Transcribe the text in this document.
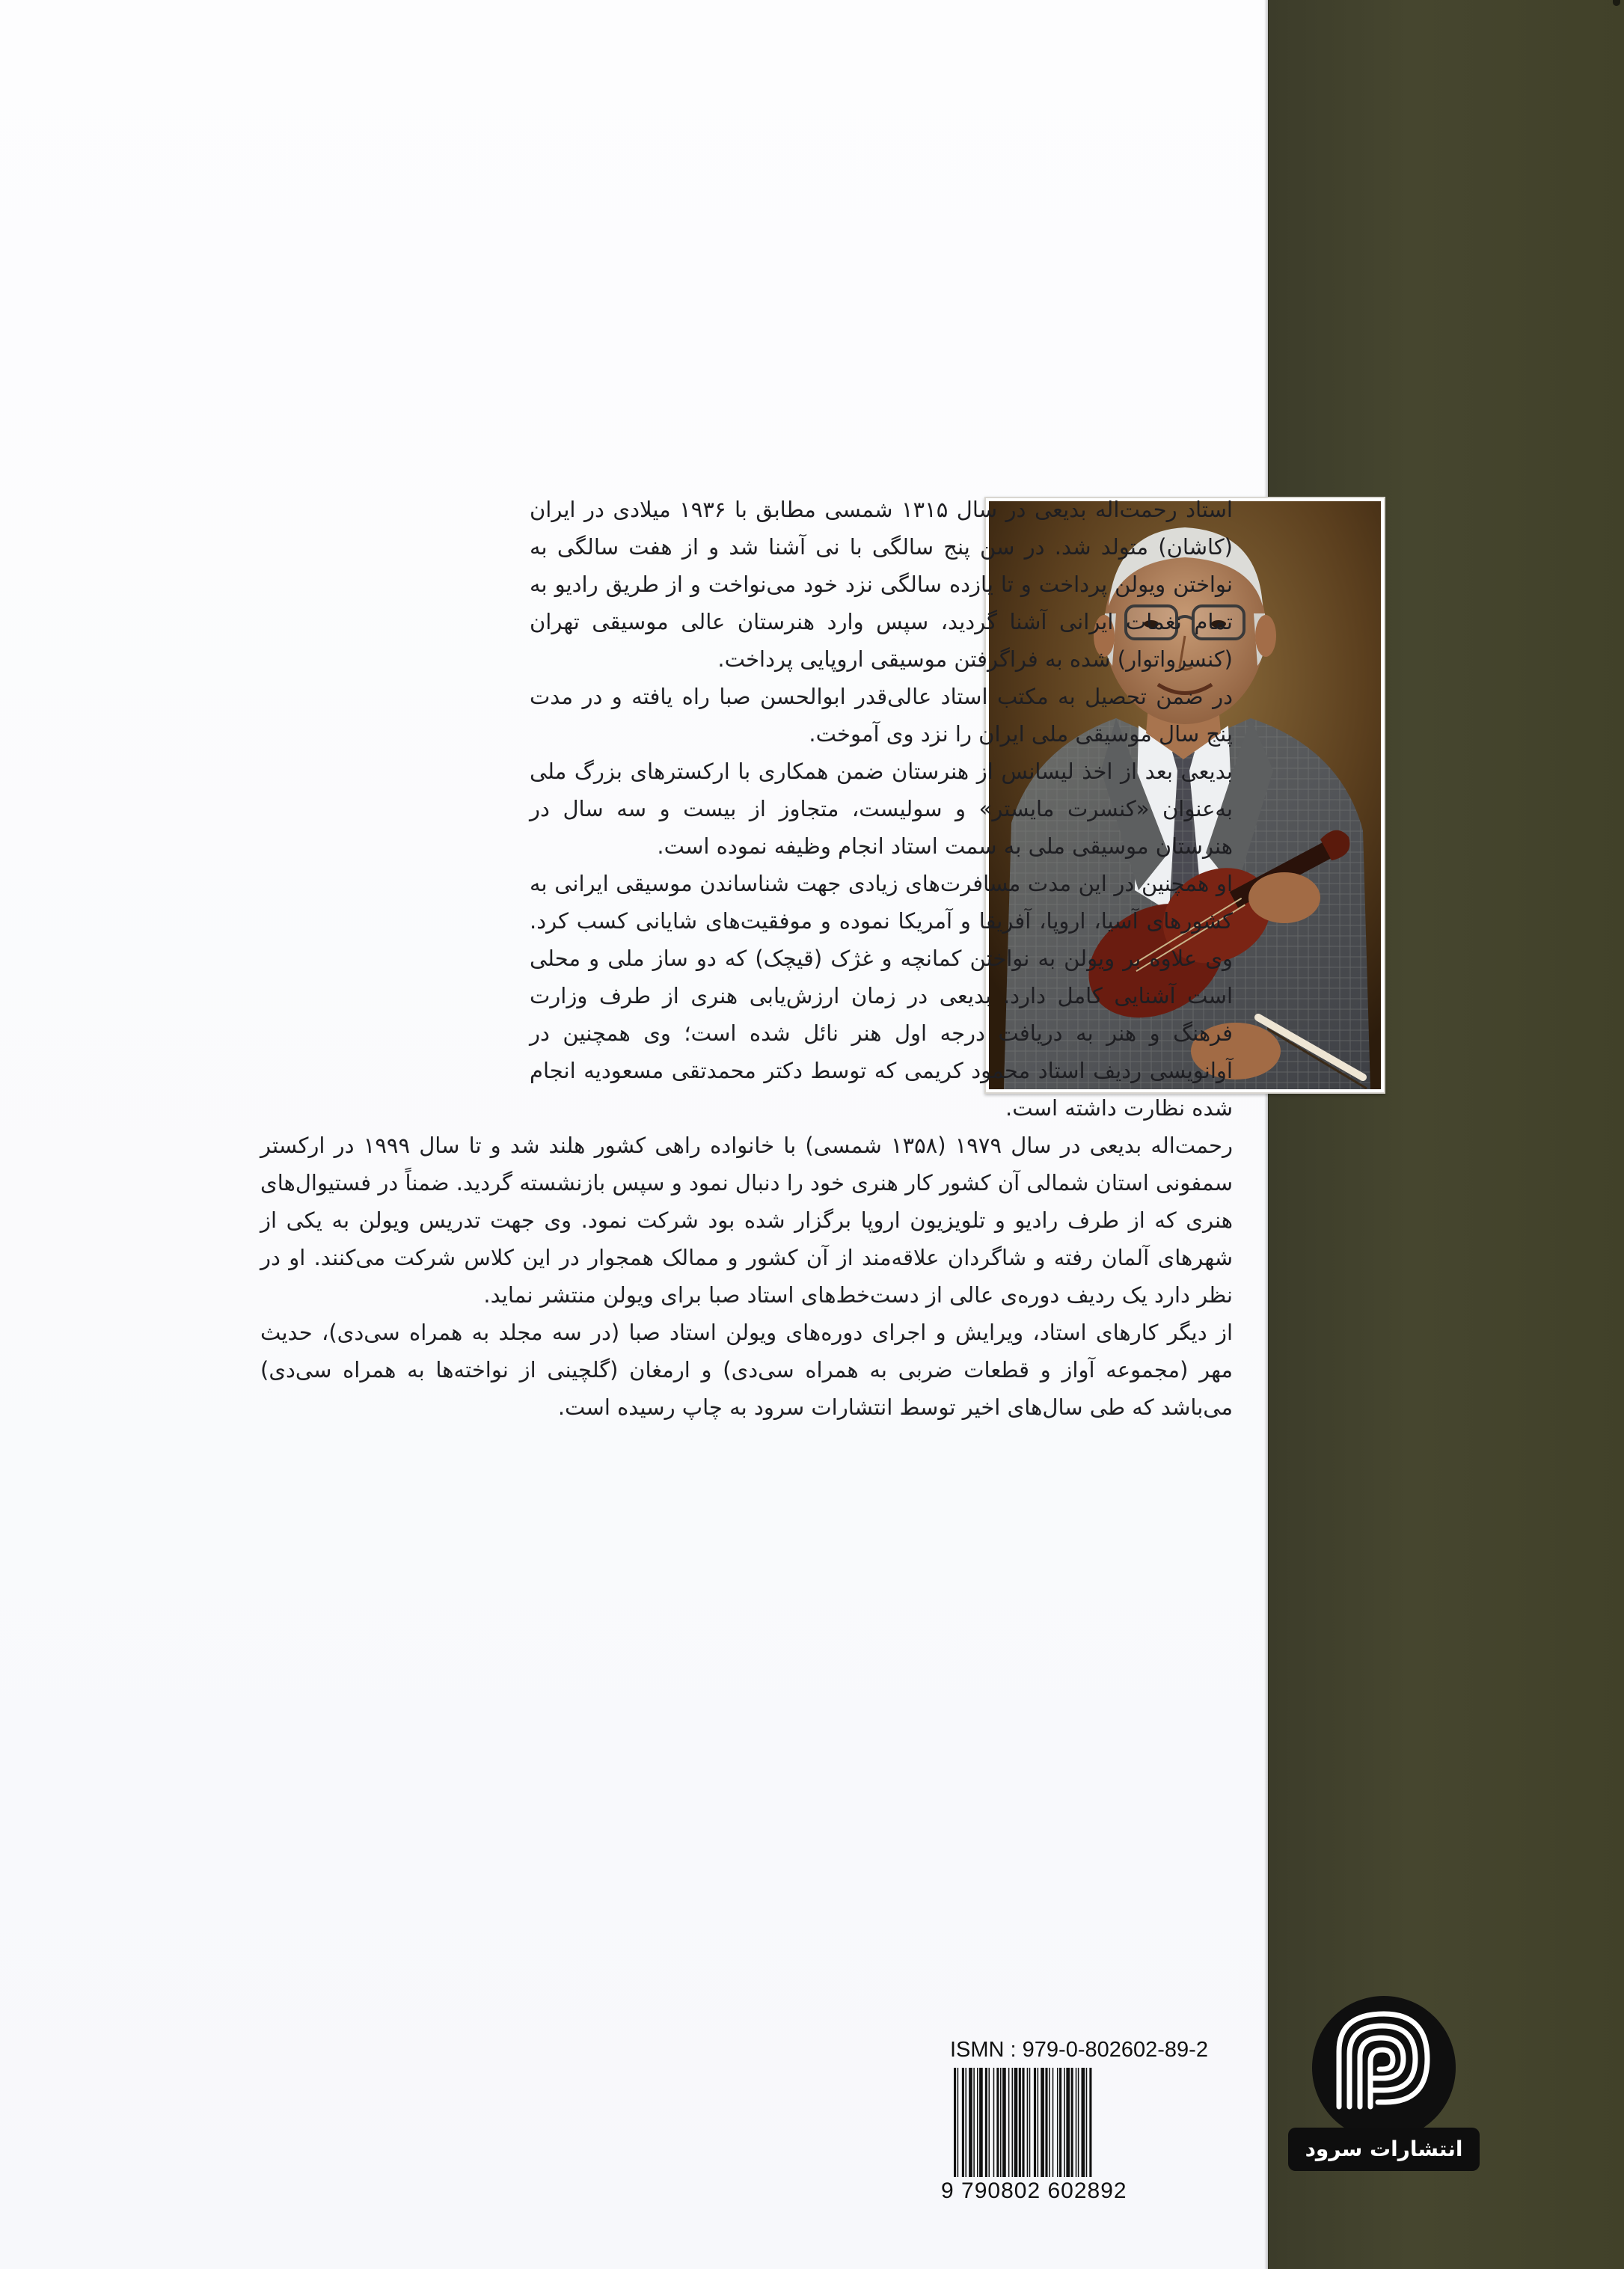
استاد رحمت‌اله بدیعی در سال ۱۳۱۵ شمسی مطابق با ۱۹۳۶ میلادی در ایران (کاشان) متولد شد. در سن پنج سالگی با نی آشنا شد و از هفت سالگی به نواختن ویولن پرداخت و تا یازده سالگی نزد خود می‌نواخت و از طریق رادیو به تمام نغمات ایرانی آشنا گردید، سپس وارد هنرستان عالی موسیقی تهران (کنسرواتوار) شده به فراگرفتن موسیقی اروپایی پرداخت.

در ضمن تحصیل به مکتب استاد عالی‌قدر ابوالحسن صبا راه یافته و در مدت پنج سال موسیقی ملی ایران را نزد وی آموخت.

بدیعی بعد از اخذ لیسانس از هنرستان ضمن همکاری با ارکسترهای بزرگ ملی به‌عنوان «کنسرت مایستر» و سولیست، متجاوز از بیست و سه سال در هنرستان موسیقی ملی به سمت استاد انجام وظیفه نموده است.

او همچنین در این مدت مسافرت‌های زیادی جهت شناساندن موسیقی ایرانی به کشورهای آسیا، اروپا، آفریقا و آمریکا نموده و موفقیت‌های شایانی کسب کرد. وی علاوه بر ویولن به نواختن کمانچه و غژک (قیچک) که دو ساز ملی و محلی است آشنایی کامل دارد. بدیعی در زمان ارزش‌یابی هنری از طرف وزارت فرهنگ و هنر به دریافت درجه اول هنر نائل شده است؛ وی همچنین در آوانویسی ردیف استاد محمود کریمی که توسط دکتر محمدتقی مسعودیه انجام شده نظارت داشته است.

رحمت‌اله بدیعی در سال ۱۹۷۹ (۱۳۵۸ شمسی) با خانواده راهی کشور هلند شد و تا سال ۱۹۹۹ در ارکستر سمفونی استان شمالی آن کشور کار هنری خود را دنبال نمود و سپس بازنشسته گردید. ضمناً در فستیوال‌های هنری که از طرف رادیو و تلویزیون اروپا برگزار شده بود شرکت نمود. وی جهت تدریس ویولن به یکی از شهرهای آلمان رفته و شاگردان علاقه‌مند از آن کشور و ممالک همجوار در این کلاس شرکت می‌کنند. او در نظر دارد یک ردیف دوره‌ی عالی از دست‌خط‌های استاد صبا برای ویولن منتشر نماید.

از دیگر کارهای استاد، ویرایش و اجرای دوره‌های ویولن استاد صبا (در سه مجلد به همراه سی‌دی)، حدیث مهر (مجموعه آواز و قطعات ضربی به همراه سی‌دی) و ارمغان (گلچینی از نواخته‌ها به همراه سی‌دی) می‌باشد که طی سال‌های اخیر توسط انتشارات سرود به چاپ رسیده است.

ISMN : 979-0-802602-89-2
9 790802 602892
انتشارات سرود
